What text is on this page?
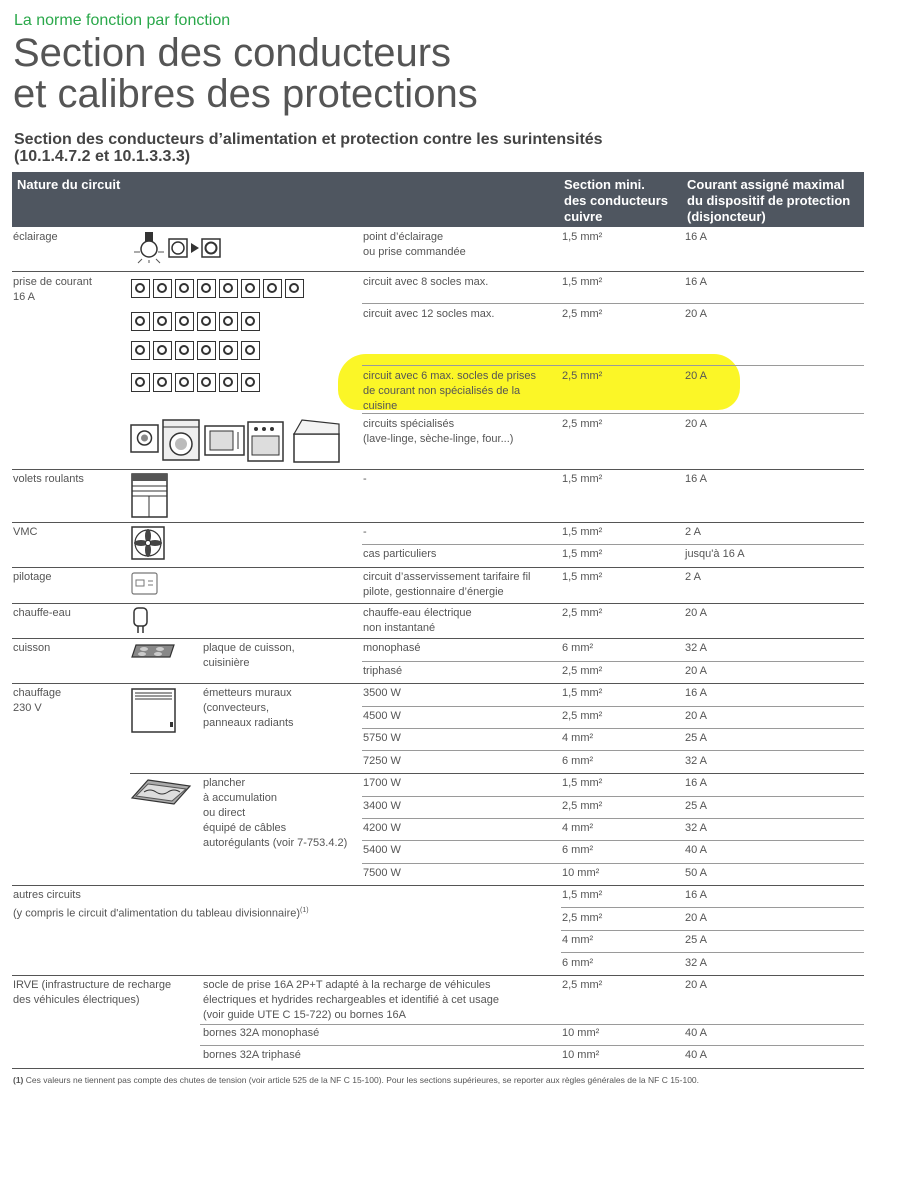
La norme fonction par fonction
Section des conducteurs
et calibres des protections
Section des conducteurs d’alimentation et protection contre les surintensités
(10.1.4.7.2 et 10.1.3.3.3)
Nature du circuit	Section mini.
des conducteurs
cuivre
Courant assigné maximal
du dispositif de protection
(disjoncteur)
éclairage	point d’éclairage
ou prise commandée
1,5 mm²	16 A
prise de courant
16 A
circuit avec 8 socles max.	1,5 mm²	16 A
circuit avec 12 socles max.	2,5 mm²	20 A
circuit avec 6 max. socles de prises
de courant non spécialisés de la
cuisine
2,5 mm²	20 A
circuits spécialisés
(lave-linge, sèche-linge, four...)
2,5 mm²	20 A
volets roulants	-	1,5 mm²	16 A
VMC	-	1,5 mm²	2 A
cas particuliers	1,5 mm²	jusqu'à 16 A
pilotage	circuit d’asservissement tarifaire fil
pilote, gestionnaire d’énergie
1,5 mm²	2 A
chauffe-eau	chauffe-eau électrique
non instantané
2,5 mm²	20 A
cuisson	plaque de cuisson,
cuisinière
monophasé	6 mm²	32 A
triphasé	2,5 mm²	20 A
chauffage
230 V
émetteurs muraux
(convecteurs,
panneaux radiants
3500 W	1,5 mm²	16 A
4500 W	2,5 mm²	20 A
5750 W	4 mm²	25 A
7250 W	6 mm²	32 A
plancher
à accumulation
ou direct
équipé de câbles
autorégulants (voir 7-753.4.2)
1700 W	1,5 mm²	16 A
3400 W	2,5 mm²	25 A
4200 W	4 mm²	32 A
5400 W	6 mm²	40 A
7500 W	10 mm²	50 A
autres circuits
(y compris le circuit d'alimentation du tableau divisionnaire)$^{(1)}$
1,5 mm²	16 A
2,5 mm²	20 A
4 mm²	25 A
6 mm²	32 A
IRVE (infrastructure de recharge
des véhicules électriques)
socle de prise 16A 2P+T adapté à la recharge de véhicules
électriques et hydrides rechargeables et identifié à cet usage
(voir guide UTE C 15-722) ou bornes 16A
2,5 mm²	20 A
bornes 32A monophasé	10 mm²	40 A
bornes 32A triphasé	10 mm²	40 A
(1) Ces valeurs ne tiennent pas compte des chutes de tension (voir article 525 de la NF C 15-100). Pour les sections supérieures, se reporter aux règles générales de la NF C 15-100.
